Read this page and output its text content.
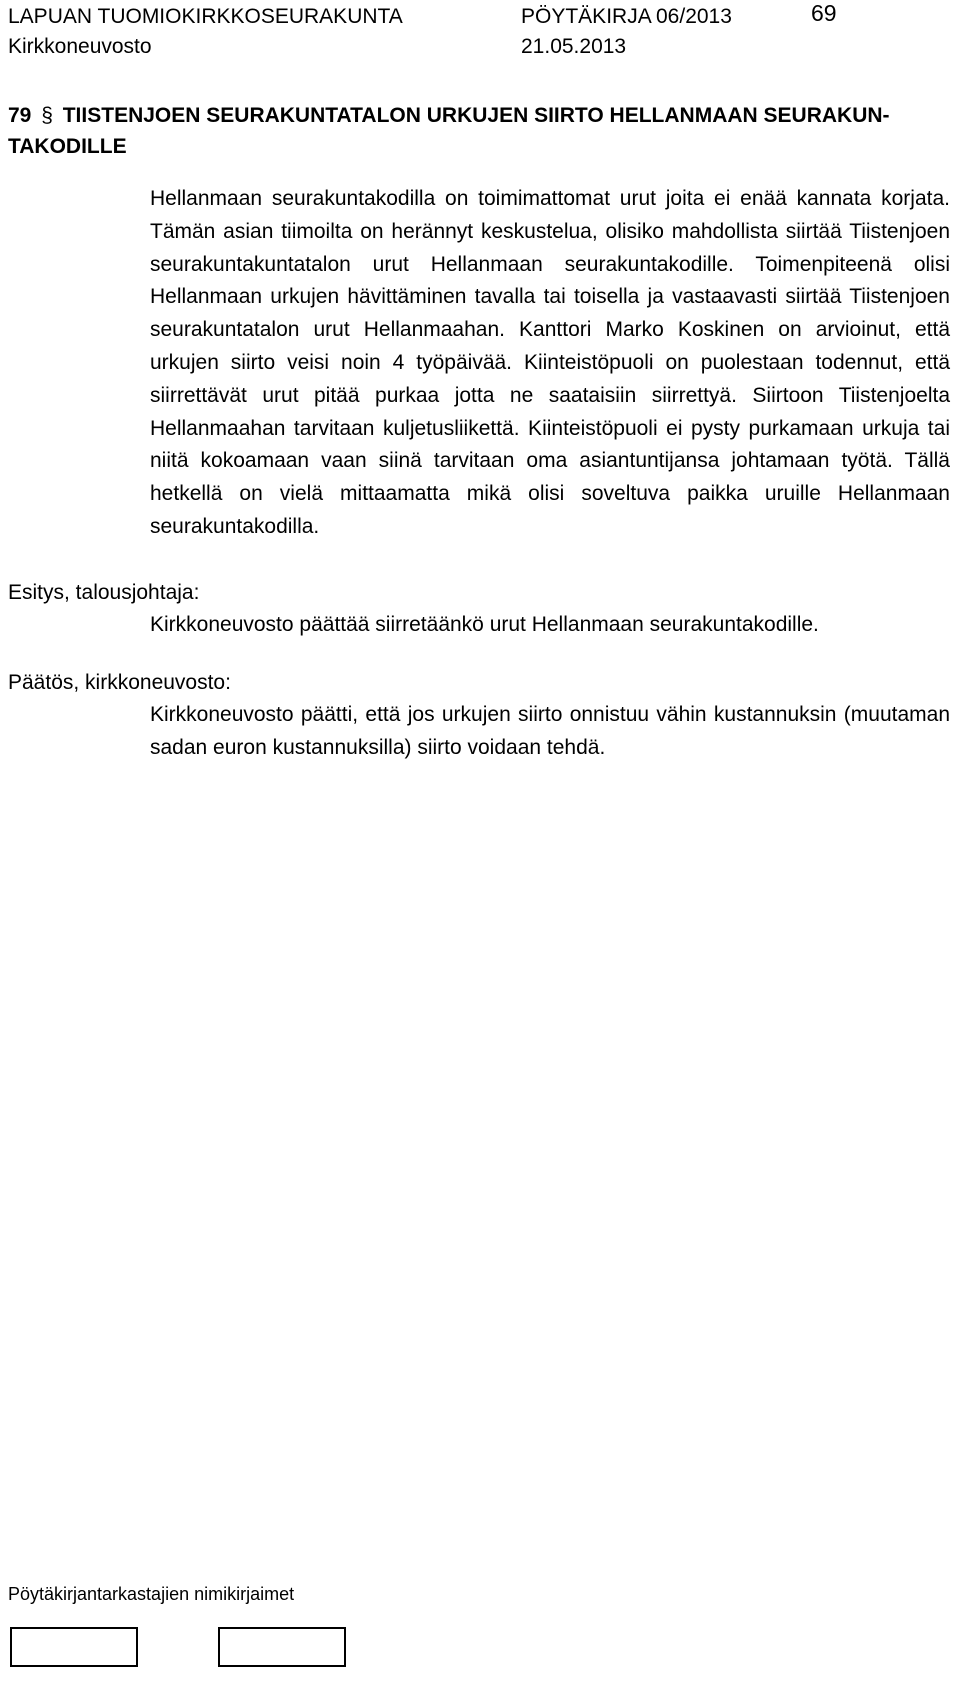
LAPUAN TUOMIOKIRKKOSEURAKUNTA	PÖYTÄKIRJA 06/2013	69
Kirkkoneuvosto	21.05.2013
79 § TIISTENJOEN SEURAKUNTATALON URKUJEN SIIRTO HELLANMAAN SEURAKUN-
TAKODILLE
Hellanmaan seurakuntakodilla on toimimattomat urut joita ei enää kannata korjata. Tämän asian tiimoilta on herännyt keskustelua, olisiko mahdollista siirtää Tiistenjoen seurakuntakuntatalon urut Hellanmaan seurakuntakodille. Toimenpiteenä olisi Hellanmaan urkujen hävittäminen tavalla tai toisella ja vastaavasti siirtää Tiistenjoen seurakuntatalon urut Hellanmaahan. Kanttori Marko Koskinen on arvioinut, että urkujen siirto veisi noin 4 työpäivää. Kiinteistöpuoli on puolestaan todennut, että siirrettävät urut pitää purkaa jotta ne saataisiin siirrettyä. Siirtoon Tiistenjoelta Hellanmaahan tarvitaan kuljetusliikettä. Kiinteistöpuoli ei pysty purkamaan urkuja tai niitä kokoamaan vaan siinä tarvitaan oma asiantuntijansa johtamaan työtä. Tällä hetkellä on vielä mittaamatta mikä olisi soveltuva paikka uruille Hellanmaan seurakuntakodilla.
Esitys, talousjohtaja:
Kirkkoneuvosto päättää siirretäänkö urut Hellanmaan seurakuntakodille.
Päätös, kirkkoneuvosto:
Kirkkoneuvosto päätti, että jos urkujen siirto onnistuu vähin kustannuksin (muutaman sadan euron kustannuksilla) siirto voidaan tehdä.
Pöytäkirjantarkastajien nimikirjaimet
